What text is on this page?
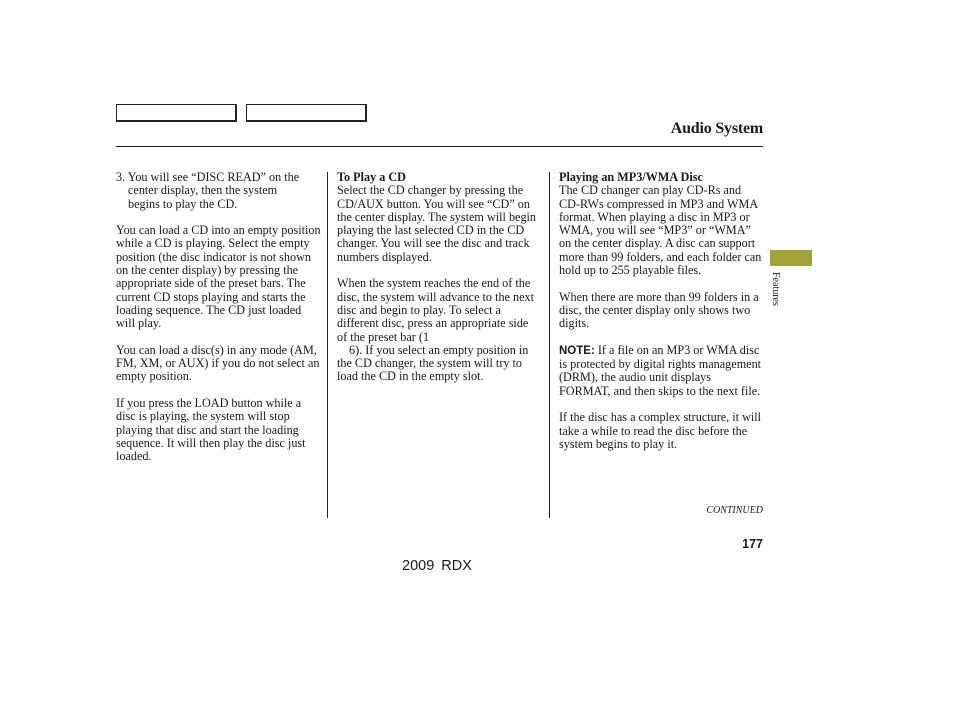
Audio System

3. You will see “DISC READ” on the
center display, then the system
begins to play the CD.

You can load a CD into an empty position while a CD is playing. Select the empty position (the disc indicator is not shown on the center display) by pressing the appropriate side of the preset bars. The current CD stops playing and starts the loading sequence. The CD just loaded will play.

You can load a disc(s) in any mode (AM, FM, XM, or AUX) if you do not select an empty position.

If you press the LOAD button while a disc is playing, the system will stop playing that disc and start the loading sequence. It will then play the disc just loaded.

To Play a CD

Select the CD changer by pressing the CD/AUX button. You will see “CD” on the center display. The system will begin playing the last selected CD in the CD changer. You will see the disc and track numbers displayed.

When the system reaches the end of the disc, the system will advance to the next disc and begin to play. To select a different disc, press an appropriate side of the preset bar (1
6). If you select an empty position in the CD changer, the system will try to load the CD in the empty slot.

Playing an MP3/WMA Disc

The CD changer can play CD-Rs and CD-RWs compressed in MP3 and WMA format. When playing a disc in MP3 or WMA, you will see “MP3” or “WMA” on the center display. A disc can support more than 99 folders, and each folder can hold up to 255 playable files.

When there are more than 99 folders in a disc, the center display only shows two digits.

NOTE: If a file on an MP3 or WMA disc is protected by digital rights management (DRM), the audio unit displays FORMAT, and then skips to the next file.

If the disc has a complex structure, it will take a while to read the disc before the system begins to play it.

Features
CONTINUED
177
2009 RDX
